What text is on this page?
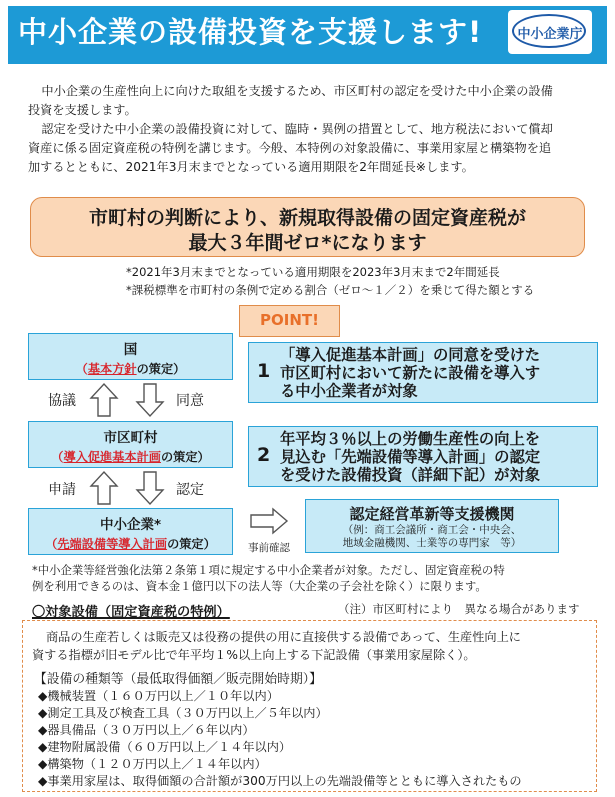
中小企業の設備投資を支援します!	中小企業庁
中小企業の生産性向上に向けた取組を支援するため、市区町村の認定を受けた中小企業の設備
投資を支援します。
認定を受けた中小企業の設備投資に対して、臨時・異例の措置として、地方税法において償却
資産に係る固定資産税の特例を講じます。今般、本特例の対象設備に、事業用家屋と構築物を追
加するとともに、2021年3月末までとなっている適用期限を2年間延長※します。
市町村の判断により、新規取得設備の固定資産税が
最大３年間ゼロ*になります
*2021年3月末までとなっている適用期限を2023年3月末まで2年間延長
*課税標準を市町村の条例で定める割合（ゼロ～１／２）を乗じて得た額とする
POINT!
国
（基本方針の策定）
協議	同意
市区町村
（導入促進基本計画の策定）
申請	認定
中小企業*
（先端設備等導入計画の策定）	事前確認
1
「導入促進基本計画」の同意を受けた
市区町村において新たに設備を導入す
る中小企業者が対象
2
年平均３％以上の労働生産性の向上を
見込む「先端設備等導入計画」の認定
を受けた設備投資（詳細下記）が対象
認定経営革新等支援機関
（例：商工会議所・商工会・中央会、
地域金融機関、士業等の専門家　等）
*中小企業等経営強化法第２条第１項に規定する中小企業者が対象。ただし、固定資産税の特
例を利用できるのは、資本金１億円以下の法人等（大企業の子会社を除く）に限ります。
〇対象設備（固定資産税の特例）	（注）市区町村により　異なる場合があります
商品の生産若しくは販売又は役務の提供の用に直接供する設備であって、生産性向上に
資する指標が旧モデル比で年平均１%以上向上する下記設備（事業用家屋除く）。
【設備の種類等（最低取得価額／販売開始時期）】
◆機械装置（１６０万円以上／１０年以内）
◆測定工具及び検査工具（３０万円以上／５年以内）
◆器具備品（３０万円以上／６年以内）
◆建物附属設備（６０万円以上／１４年以内）
◆構築物（１２０万円以上／１４年以内）
◆事業用家屋は、取得価額の合計額が300万円以上の先端設備等とともに導入されたもの
